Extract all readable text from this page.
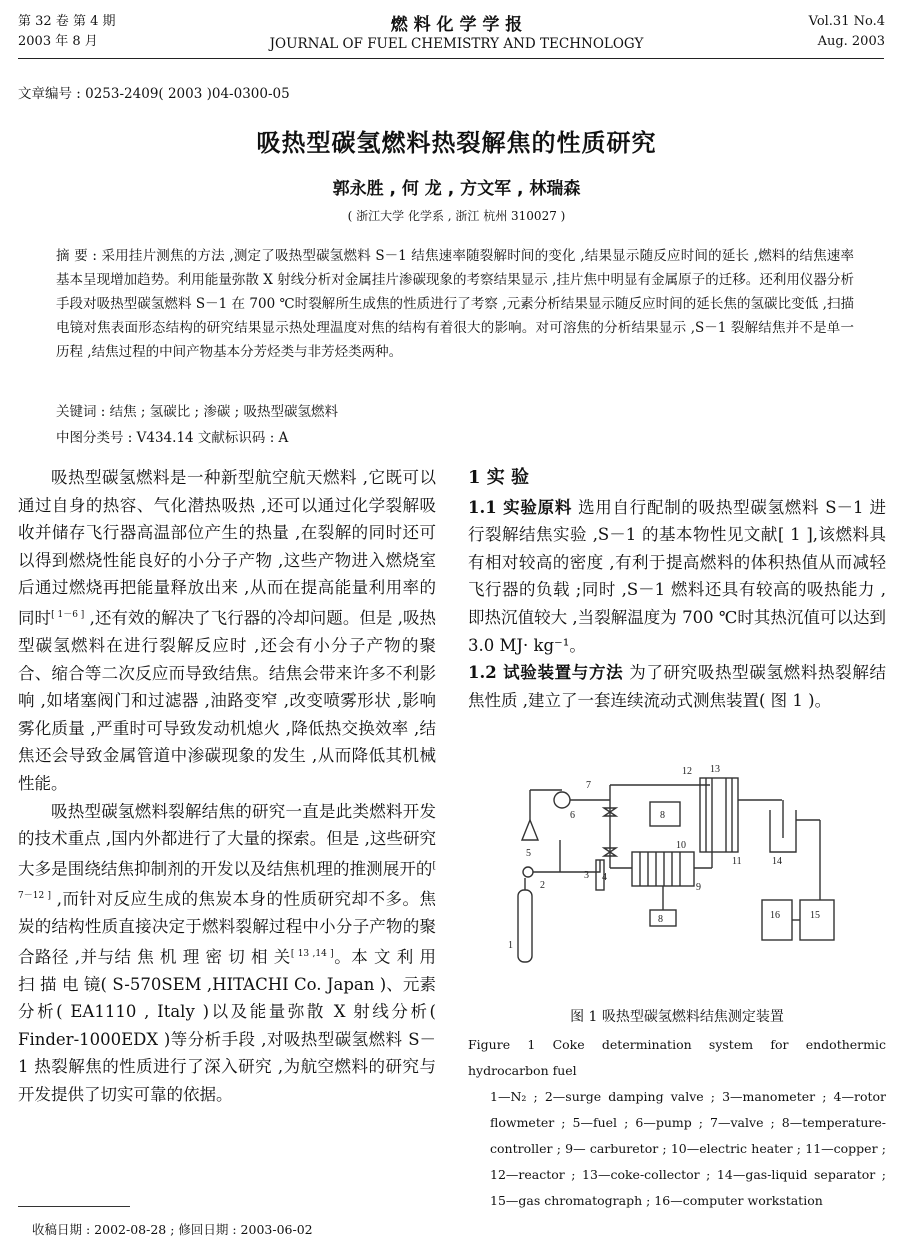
第 32 卷 第 4 期
2003 年 8 月
燃 料 化 学 学 报
JOURNAL OF FUEL CHEMISTRY AND TECHNOLOGY
Vol.31 No.4
Aug. 2003
文章编号 : 0253-2409( 2003 )04-0300-05
吸热型碳氢燃料热裂解焦的性质研究
郭永胜 , 何 龙 , 方文军 , 林瑞森
( 浙江大学 化学系 , 浙江 杭州 310027 )
摘 要 : 采用挂片测焦的方法 ,测定了吸热型碳氢燃料 S－1 结焦速率随裂解时间的变化 ,结果显示随反应时间的延长 ,燃料的结焦速率基本呈现增加趋势。利用能量弥散 X 射线分析对金属挂片渗碳现象的考察结果显示 ,挂片焦中明显有金属原子的迁移。还利用仪器分析手段对吸热型碳氢燃料 S－1 在 700 ℃时裂解所生成焦的性质进行了考察 ,元素分析结果显示随反应时间的延长焦的氢碳比变低 ,扫描电镜对焦表面形态结构的研究结果显示热处理温度对焦的结构有着很大的影响。对可溶焦的分析结果显示 ,S－1 裂解结焦并不是单一历程 ,结焦过程的中间产物基本分芳烃类与非芳烃类两种。
关键词 : 结焦 ; 氢碳比 ; 渗碳 ; 吸热型碳氢燃料
中图分类号 : V434.14 文献标识码 : A

吸热型碳氢燃料是一种新型航空航天燃料 ,它既可以通过自身的热容、气化潜热吸热 ,还可以通过化学裂解吸收并储存飞行器高温部位产生的热量 ,在裂解的同时还可以得到燃烧性能良好的小分子产物 ,这些产物进入燃烧室后通过燃烧再把能量释放出来 ,从而在提高能量利用率的同时[ 1－6 ] ,还有效的解决了飞行器的冷却问题。但是 ,吸热型碳氢燃料在进行裂解反应时 ,还会有小分子产物的聚合、缩合等二次反应而导致结焦。结焦会带来许多不利影响 ,如堵塞阀门和过滤器 ,油路变窄 ,改变喷雾形状 ,影响雾化质量 ,严重时可导致发动机熄火 ,降低热交换效率 ,结焦还会导致金属管道中渗碳现象的发生 ,从而降低其机械性能。

吸热型碳氢燃料裂解结焦的研究一直是此类燃料开发的技术重点 ,国内外都进行了大量的探索。但是 ,这些研究大多是围绕结焦抑制剂的开发以及结焦机理的推测展开的[ 7－12 ] ,而针对反应生成的焦炭本身的性质研究却不多。焦炭的结构性质直接决定于燃料裂解过程中小分子产物的聚合路径 ,并与结 焦 机 理 密 切 相 关[ 13 ,14 ]。本 文 利 用 扫 描 电 镜( S-570SEM ,HITACHI Co. Japan )、元素分析( EA1110 , Italy )以及能量弥散 X 射线分析( Finder-1000EDX )等分析手段 ,对吸热型碳氢燃料 S－1 热裂解焦的性质进行了深入研究 ,为航空燃料的研究与开发提供了切实可靠的依据。

1 实 验

1.1 实验原料 选用自行配制的吸热型碳氢燃料 S－1 进行裂解结焦实验 ,S－1 的基本物性见文献[ 1 ],该燃料具有相对较高的密度 ,有利于提高燃料的体积热值从而减轻飞行器的负载 ;同时 ,S－1 燃料还具有较高的吸热能力 ,即热沉值较大 ,当裂解温度为 700 ℃时其热沉值可以达到 3.0 MJ· kg⁻¹。

1.2 试验装置与方法 为了研究吸热型碳氢燃料热裂解结焦性质 ,建立了一套连续流动式测焦装置( 图 1 )。

1
2
3 4
5
6
7
8
8
9
10
11
12 13
14
15
16
图 1 吸热型碳氢燃料结焦测定装置
Figure 1 Coke determination system for endothermic hydrocarbon fuel
1—N₂ ; 2—surge damping valve ; 3—manometer ; 4—rotor flowmeter ; 5—fuel ; 6—pump ; 7—valve ; 8—temperature-controller ; 9— carburetor ; 10—electric heater ; 11—copper ; 12—reactor ; 13—coke-collector ; 14—gas-liquid separator ; 15—gas chromatograph ; 16—computer workstation
收稿日期 : 2002-08-28 ; 修回日期 : 2003-06-02
